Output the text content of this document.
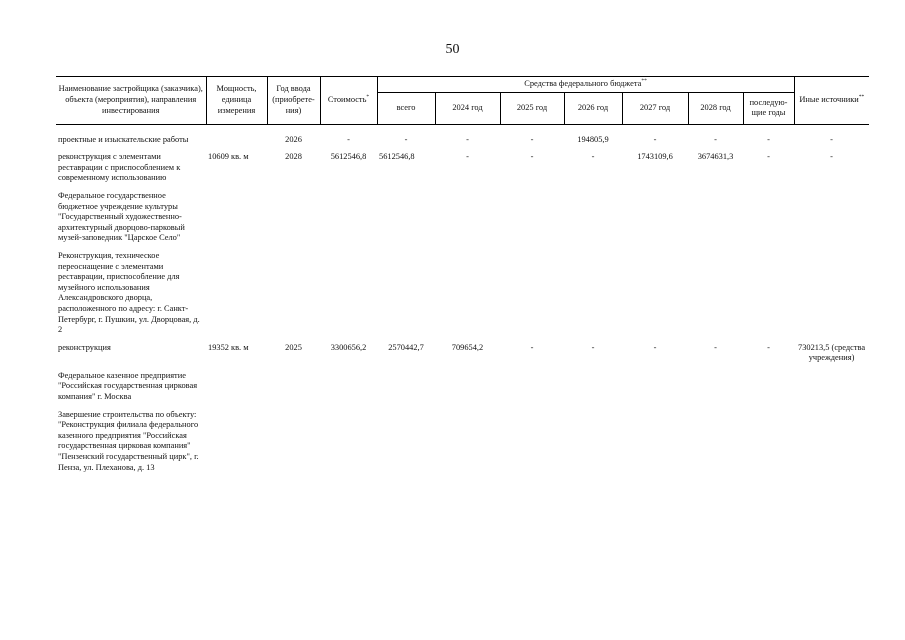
50
Наименование застройщика (заказчика), объекта (мероприятия), направления инвестирования	Мощность, единица измерения	Год ввода (приобрете-ния)	Стоимость*	Средства федерального бюджета**							Иные источники**
				всего	2024 год	2025 год	2026 год	2027 год	2028 год	последую-щие годы	

проектные и изыскательские работы		2026	-	-	-	-	194805,9	-	-	-	-
реконструкция с элементами реставрации с приспособлением к современному использованию	10609 кв. м	2028	5612546,8	5612546,8	-	-	-	1743109,6	3674631,3	-	-
Федеральное государственное бюджетное учреждение культуры "Государственный художественно-архитектурный дворцово-парковый музей-заповедник "Царское Село"											
Реконструкция, техническое переоснащение с элементами реставрации, приспособление для музейного использования Александровского дворца, расположенного по адресу: г. Санкт-Петербург, г. Пушкин, ул. Дворцовая, д. 2											
реконструкция	19352 кв. м	2025	3300656,2	2570442,7	709654,2	-	-	-	-	-	730213,5 (средства учреждения)
Федеральное казенное предприятие "Российская государственная цирковая компания" г. Москва											
Завершение строительства по объекту: "Реконструкция филиала федерального казенного предприятия "Российская государственная цирковая компания" "Пензенский государственный цирк", г. Пенза, ул. Плеханова, д. 13											
